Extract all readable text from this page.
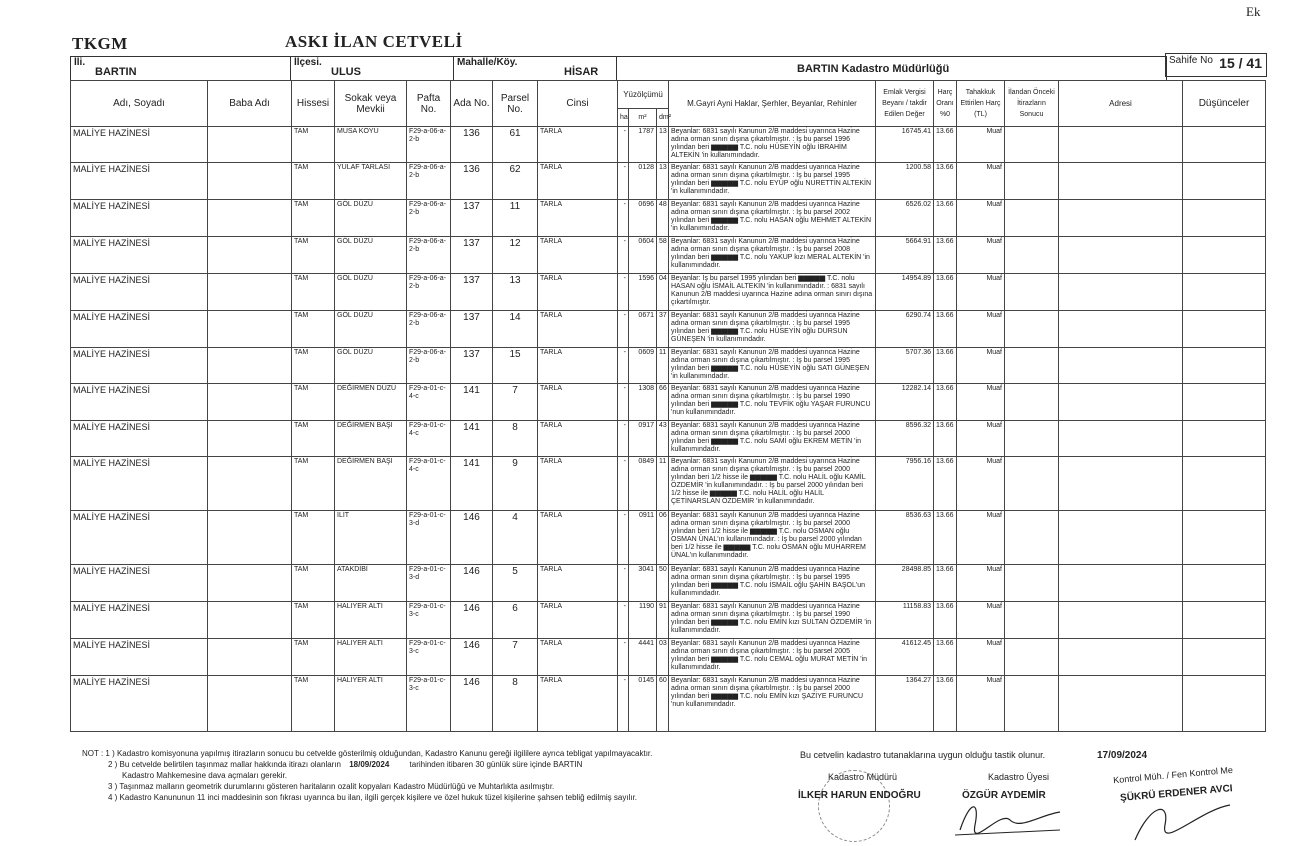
Ek
TKGM	ASKI İLAN CETVELİ
Sahife No 15 / 41
İli.
BARTIN
İlçesi.
ULUS
Mahalle/Köy.
HİSAR	BARTIN Kadastro Müdürlüğü
Adı, Soyadı	Baba Adı	Hissesi	Sokak veya Mevkii	Pafta No.	Ada No.	Parsel No.	Cinsi	Yüzölçümü			M.Gayri Ayni Haklar, Şerhler, Beyanlar, Rehinler	Emlak Vergisi Beyanı / takdir Edilen Değer	Harç Oranı %0	Tahakkuk Ettirilen Harç (TL)	İlandan Önceki İtirazların Sonucu	Adresi	Düşünceler
								ha	m²	dm²							
MALİYE HAZİNESİ		TAM	MUSA KOYU	F29-a-06-a-2-b	136	61	TARLA	-	1787	13	Beyanlar: 6831 sayılı Kanunun 2/B maddesi uyarınca Hazine adına orman sınırı dışına çıkartılmıştır. : İş bu parsel 1996 yılından beri ▆▆▆▆▆ T.C. nolu HÜSEYİN oğlu İBRAHİM ALTEKİN 'in kullanımındadır.	16745.41	13.66	Muaf			
MALİYE HAZİNESİ		TAM	YULAF TARLASI	F29-a-06-a-2-b	136	62	TARLA	-	0128	13	Beyanlar: 6831 sayılı Kanunun 2/B maddesi uyarınca Hazine adına orman sınırı dışına çıkartılmıştır. : İş bu parsel 1995 yılından beri ▆▆▆▆▆ T.C. nolu EYÜP oğlu NURETTİN ALTEKİN 'in kullanımındadır.	1200.58	13.66	Muaf			
MALİYE HAZİNESİ		TAM	GÖL DÜZÜ	F29-a-06-a-2-b	137	11	TARLA	-	0696	48	Beyanlar: 6831 sayılı Kanunun 2/B maddesi uyarınca Hazine adına orman sınırı dışına çıkartılmıştır. : İş bu parsel 2002 yılından beri ▆▆▆▆▆ T.C. nolu HASAN oğlu MEHMET ALTEKİN 'in kullanımındadır.	6526.02	13.66	Muaf			
MALİYE HAZİNESİ		TAM	GÖL DÜZÜ	F29-a-06-a-2-b	137	12	TARLA	-	0604	58	Beyanlar: 6831 sayılı Kanunun 2/B maddesi uyarınca Hazine adına orman sınırı dışına çıkartılmıştır. : İş bu parsel 2008 yılından beri ▆▆▆▆▆ T.C. nolu YAKUP kızı MERAL ALTEKİN 'in kullanımındadır.	5664.91	13.66	Muaf			
MALİYE HAZİNESİ		TAM	GÖL DÜZÜ	F29-a-06-a-2-b	137	13	TARLA	-	1596	04	Beyanlar: İş bu parsel 1995 yılından beri ▆▆▆▆▆ T.C. nolu HASAN oğlu İSMAİL ALTEKİN 'in kullanımındadır. : 6831 sayılı Kanunun 2/B maddesi uyarınca Hazine adına orman sınırı dışına çıkartılmıştır.	14954.89	13.66	Muaf			
MALİYE HAZİNESİ		TAM	GÖL DÜZÜ	F29-a-06-a-2-b	137	14	TARLA	-	0671	37	Beyanlar: 6831 sayılı Kanunun 2/B maddesi uyarınca Hazine adına orman sınırı dışına çıkartılmıştır. : İş bu parsel 1995 yılından beri ▆▆▆▆▆ T.C. nolu HÜSEYİN oğlu DURSUN GÜNEŞEN 'in kullanımındadır.	6290.74	13.66	Muaf			
MALİYE HAZİNESİ		TAM	GÖL DÜZÜ	F29-a-06-a-2-b	137	15	TARLA	-	0609	11	Beyanlar: 6831 sayılı Kanunun 2/B maddesi uyarınca Hazine adına orman sınırı dışına çıkartılmıştır. : İş bu parsel 1995 yılından beri ▆▆▆▆▆ T.C. nolu HÜSEYİN oğlu SATI GÜNEŞEN 'in kullanımındadır.	5707.36	13.66	Muaf			
MALİYE HAZİNESİ		TAM	DEĞİRMEN DÜZÜ	F29-a-01-c-4-c	141	7	TARLA	-	1308	66	Beyanlar: 6831 sayılı Kanunun 2/B maddesi uyarınca Hazine adına orman sınırı dışına çıkartılmıştır. : İş bu parsel 1990 yılından beri ▆▆▆▆▆ T.C. nolu TEVFİK oğlu YAŞAR FURUNCU 'nun kullanımındadır.	12282.14	13.66	Muaf			
MALİYE HAZİNESİ		TAM	DEĞİRMEN BAŞI	F29-a-01-c-4-c	141	8	TARLA	-	0917	43	Beyanlar: 6831 sayılı Kanunun 2/B maddesi uyarınca Hazine adına orman sınırı dışına çıkartılmıştır. : İş bu parsel 2000 yılından beri ▆▆▆▆▆ T.C. nolu SAMİ oğlu EKREM METİN 'in kullanımındadır.	8596.32	13.66	Muaf			
MALİYE HAZİNESİ		TAM	DEĞİRMEN BAŞI	F29-a-01-c-4-c	141	9	TARLA	-	0849	11	Beyanlar: 6831 sayılı Kanunun 2/B maddesi uyarınca Hazine adına orman sınırı dışına çıkartılmıştır. : İş bu parsel 2000 yılından beri 1/2 hisse ile ▆▆▆▆▆ T.C. nolu HALİL oğlu KAMİL ÖZDEMİR 'in kullanımındadır. : İş bu parsel 2000 yılından beri 1/2 hisse ile ▆▆▆▆▆ T.C. nolu HALİL oğlu HALİL ÇETİNARSLAN ÖZDEMİR 'in kullanımındadır.	7956.16	13.66	Muaf			
MALİYE HAZİNESİ		TAM	İLİT	F29-a-01-c-3-d	146	4	TARLA	-	0911	06	Beyanlar: 6831 sayılı Kanunun 2/B maddesi uyarınca Hazine adına orman sınırı dışına çıkartılmıştır. : İş bu parsel 2000 yılından beri 1/2 hisse ile ▆▆▆▆▆ T.C. nolu OSMAN oğlu OSMAN ÜNAL'ın kullanımındadır. : İş bu parsel 2000 yılından beri 1/2 hisse ile ▆▆▆▆▆ T.C. nolu OSMAN oğlu MUHARREM ÜNAL'ın kullanımındadır.	8536.63	13.66	Muaf			
MALİYE HAZİNESİ		TAM	ATAKDİBİ	F29-a-01-c-3-d	146	5	TARLA	-	3041	50	Beyanlar: 6831 sayılı Kanunun 2/B maddesi uyarınca Hazine adına orman sınırı dışına çıkartılmıştır. : İş bu parsel 1995 yılından beri ▆▆▆▆▆ T.C. nolu İSMAİL oğlu ŞAHİN BAŞOL'un kullanımındadır.	28498.85	13.66	Muaf			
MALİYE HAZİNESİ		TAM	HALIYER ALTI	F29-a-01-c-3-c	146	6	TARLA	-	1190	91	Beyanlar: 6831 sayılı Kanunun 2/B maddesi uyarınca Hazine adına orman sınırı dışına çıkartılmıştır. : İş bu parsel 1990 yılından beri ▆▆▆▆▆ T.C. nolu EMİN kızı SULTAN ÖZDEMİR 'in kullanımındadır.	11158.83	13.66	Muaf			
MALİYE HAZİNESİ		TAM	HALIYER ALTI	F29-a-01-c-3-c	146	7	TARLA	-	4441	03	Beyanlar: 6831 sayılı Kanunun 2/B maddesi uyarınca Hazine adına orman sınırı dışına çıkartılmıştır. : İş bu parsel 2005 yılından beri ▆▆▆▆▆ T.C. nolu CEMAL oğlu MURAT METİN 'in kullanımındadır.	41612.45	13.66	Muaf			
MALİYE HAZİNESİ		TAM	HALIYER ALTI	F29-a-01-c-3-c	146	8	TARLA	-	0145	60	Beyanlar: 6831 sayılı Kanunun 2/B maddesi uyarınca Hazine adına orman sınırı dışına çıkartılmıştır. : İş bu parsel 2000 yılından beri ▆▆▆▆▆ T.C. nolu EMİN kızı ŞAZİYE FURUNCU 'nun kullanımındadır.	1364.27	13.66	Muaf			
NOT : 1 ) Kadastro komisyonuna yapılmış itirazların sonucu bu cetvelde gösterilmiş olduğundan, Kadastro Kanunu gereği ilgililere ayrıca tebligat yapılmayacaktır.
2 ) Bu cetvelde belirtilen taşınmaz mallar hakkında itirazı olanların 18/09/2024	tarihinden itibaren 30 günlük süre içinde BARTIN
Kadastro Mahkemesine dava açmaları gerekir.
3 ) Taşınmaz malların geometrik durumlarını gösteren haritaların ozalit kopyaları Kadastro Müdürlüğü ve Muhtarlıkta asılmıştır.
4 ) Kadastro Kanununun 11 inci maddesinin son fıkrası uyarınca bu ilan, ilgili gerçek kişilere ve özel hukuk tüzel kişilerine şahsen tebliğ edilmiş sayılır.
Bu cetvelin kadastro tutanaklarına uygun olduğu tastik olunur.	17/09/2024
Kadastro Müdürü
İLKER HARUN ENDOĞRU
Kadastro Üyesi
ÖZGÜR AYDEMİR
Kontrol Müh. / Fen Kontrol Me
ŞÜKRÜ ERDENER AVCI
